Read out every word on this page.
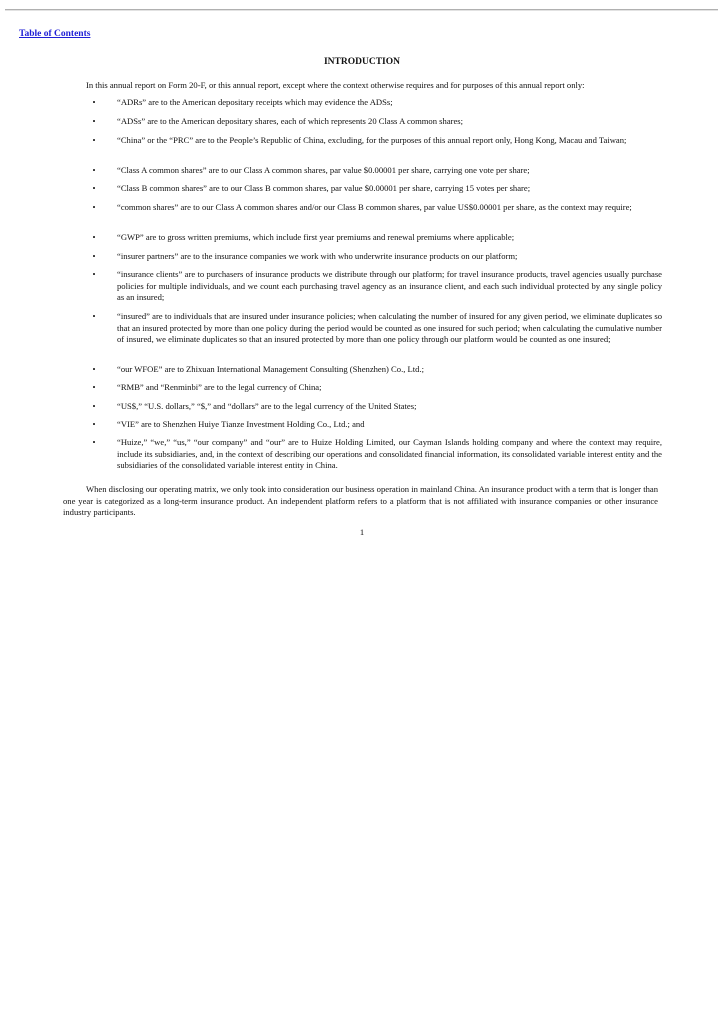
Table of Contents
INTRODUCTION
In this annual report on Form 20-F, or this annual report, except where the context otherwise requires and for purposes of this annual report only:
•	“ADRs” are to the American depositary receipts which may evidence the ADSs;
•	“ADSs” are to the American depositary shares, each of which represents 20 Class A common shares;
•	“China” or the “PRC” are to the People’s Republic of China, excluding, for the purposes of this annual report only, Hong Kong, Macau and Taiwan;
•	“Class A common shares” are to our Class A common shares, par value $0.00001 per share, carrying one vote per share;
•	“Class B common shares” are to our Class B common shares, par value $0.00001 per share, carrying 15 votes per share;
•	“common shares” are to our Class A common shares and/or our Class B common shares, par value US$0.00001 per share, as the context may require;
•	“GWP” are to gross written premiums, which include first year premiums and renewal premiums where applicable;
•	“insurer partners” are to the insurance companies we work with who underwrite insurance products on our platform;
•	“insurance clients” are to purchasers of insurance products we distribute through our platform; for travel insurance products, travel agencies usually purchase policies for multiple individuals, and we count each purchasing travel agency as an insurance client, and each such individual protected by any single policy as an insured;
•	“insured” are to individuals that are insured under insurance policies; when calculating the number of insured for any given period, we eliminate duplicates so that an insured protected by more than one policy during the period would be counted as one insured for such period; when calculating the cumulative number of insured, we eliminate duplicates so that an insured protected by more than one policy through our platform would be counted as one insured;
•	“our WFOE” are to Zhixuan International Management Consulting (Shenzhen) Co., Ltd.;
•	“RMB” and “Renminbi” are to the legal currency of China;
•	“US$,” “U.S. dollars,” “$,” and “dollars” are to the legal currency of the United States;
•	“VIE” are to Shenzhen Huiye Tianze Investment Holding Co., Ltd.; and
•	“Huize,” “we,” “us,” “our company” and “our” are to Huize Holding Limited, our Cayman Islands holding company and where the context may require, include its subsidiaries, and, in the context of describing our operations and consolidated financial information, its consolidated variable interest entity and the subsidiaries of the consolidated variable interest entity in China.
When disclosing our operating matrix, we only took into consideration our business operation in mainland China. An insurance product with a term that is longer than one year is categorized as a long-term insurance product. An independent platform refers to a platform that is not affiliated with insurance companies or other insurance industry participants.
1
